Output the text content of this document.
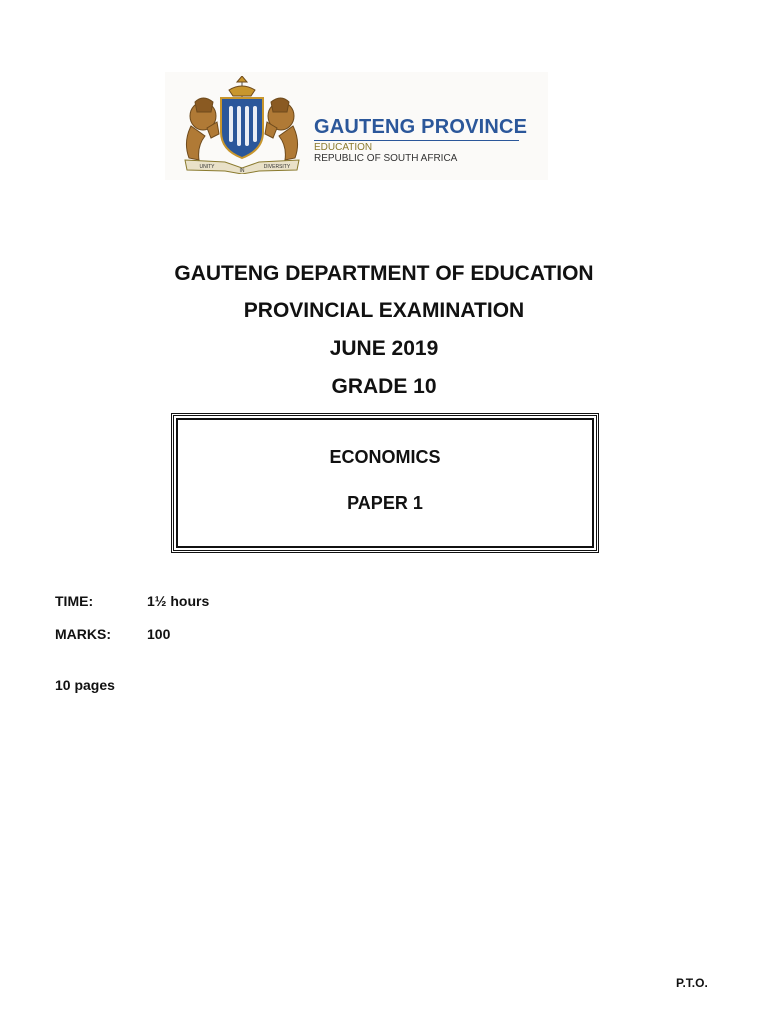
UNITY
IN
DIVERSITY
GAUTENG PROVINCE
EDUCATION
REPUBLIC OF SOUTH AFRICA
GAUTENG DEPARTMENT OF EDUCATION
PROVINCIAL EXAMINATION
JUNE 2019
GRADE 10
ECONOMICS
PAPER 1
TIME:	1½ hours
MARKS:	100
10 pages
P.T.O.
